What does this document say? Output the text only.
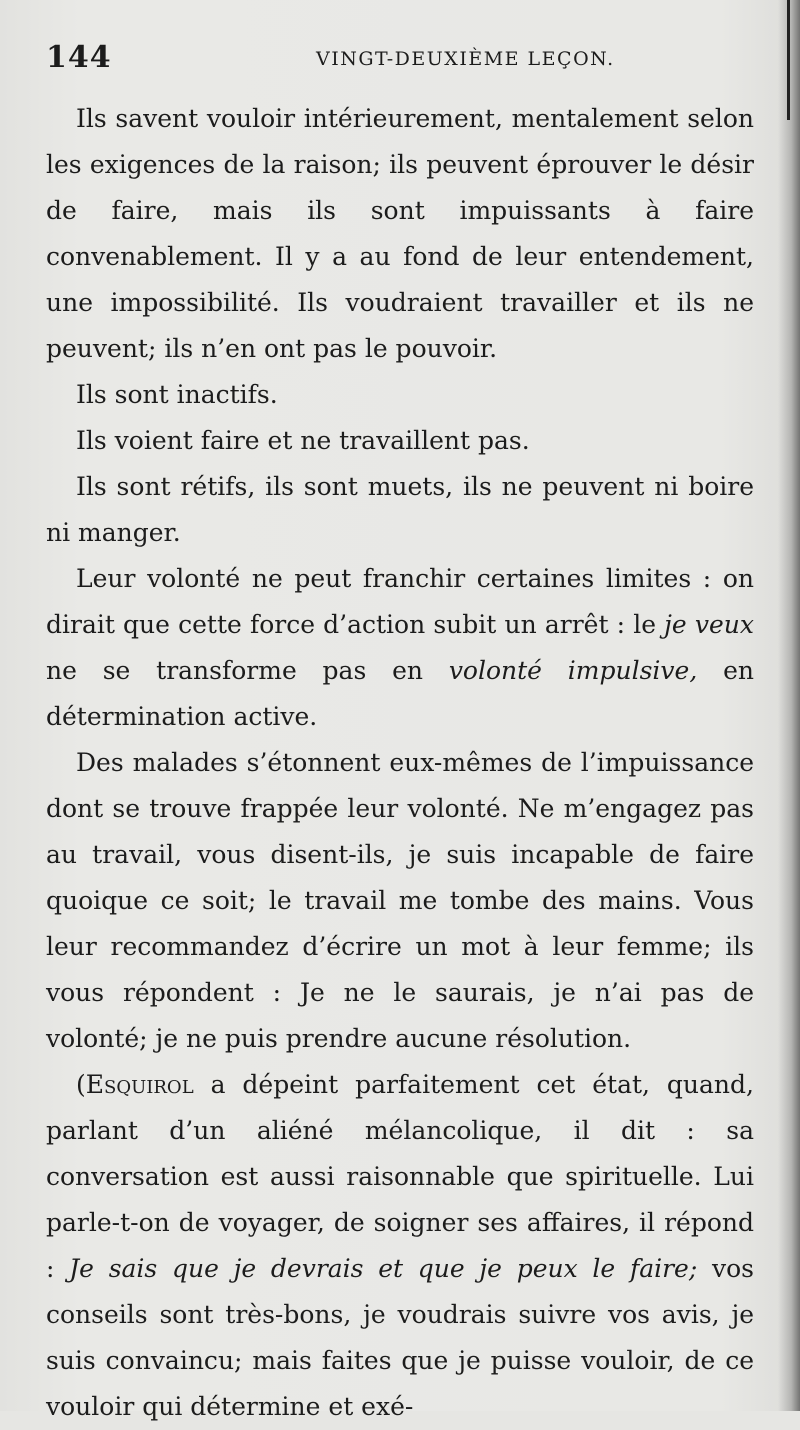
144	VINGT-DEUXIÈME LEÇON.

Ils savent vouloir intérieurement, mentalement selon les exigences de la raison; ils peuvent éprouver le désir de faire, mais ils sont impuissants à faire convenablement. Il y a au fond de leur entendement, une impossibilité. Ils voudraient travailler et ils ne peuvent; ils n’en ont pas le pouvoir.

Ils sont inactifs.

Ils voient faire et ne travaillent pas.

Ils sont rétifs, ils sont muets, ils ne peuvent ni boire ni manger.

Leur volonté ne peut franchir certaines limites : on dirait que cette force d’action subit un arrêt : le je veux ne se transforme pas en volonté impulsive, en détermination active.

Des malades s’étonnent eux-mêmes de l’impuissance dont se trouve frappée leur volonté. Ne m’engagez pas au travail, vous disent-ils, je suis incapable de faire quoique ce soit; le travail me tombe des mains. Vous leur recommandez d’écrire un mot à leur femme; ils vous répondent : Je ne le saurais, je n’ai pas de volonté; je ne puis prendre aucune résolution.

(Esquirol a dépeint parfaitement cet état, quand, parlant d’un aliéné mélancolique, il dit : sa conversation est aussi raisonnable que spirituelle. Lui parle-t-on de voyager, de soigner ses affaires, il répond : Je sais que je devrais et que je peux le faire; vos conseils sont très-bons, je voudrais suivre vos avis, je suis convaincu; mais faites que je puisse vouloir, de ce vouloir qui détermine et exé-
